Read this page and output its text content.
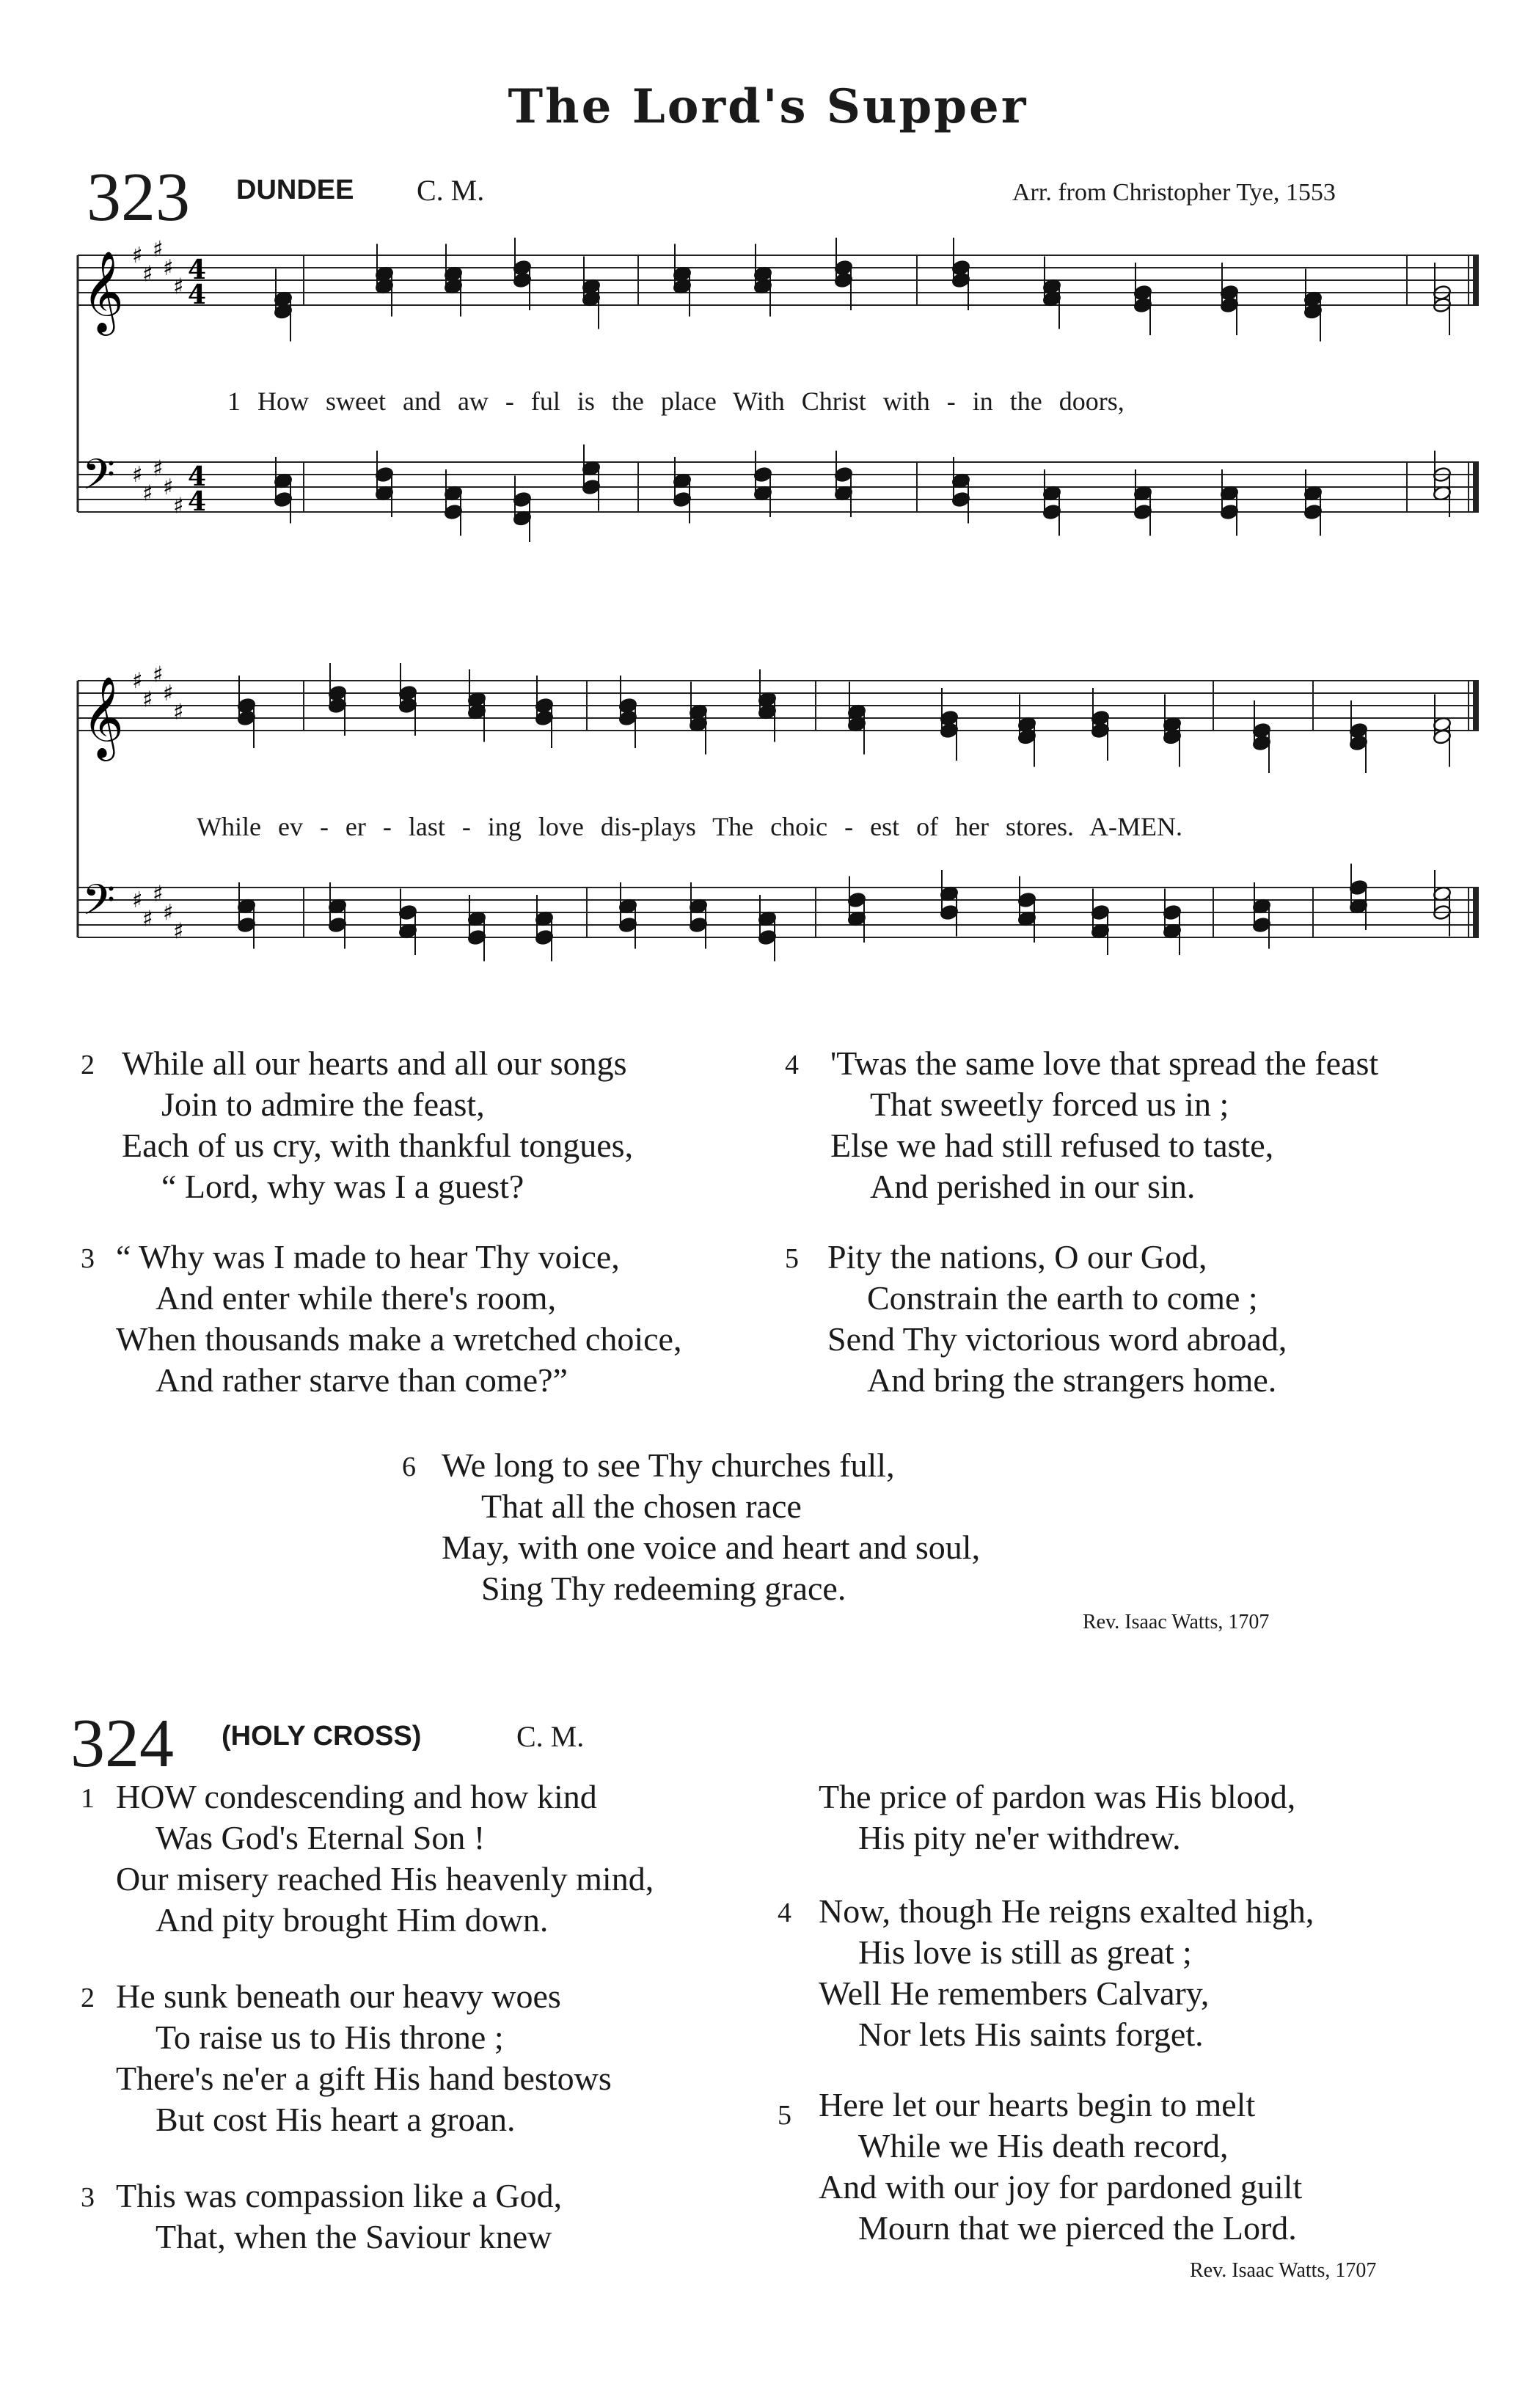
The Lord's Supper
323 DUNDEE C. M.	Arr. from Christopher Tye, 1553
𝄞
𝄢
♯
♯
♯
♯
♯
♯
♯
♯
♯
♯
4
4
4
4
1 How sweet and aw - ful is the place With Christ with - in the doors,
𝄞
𝄢
♯
♯
♯
♯
♯
♯
♯
♯
♯
♯
While ev - er - last - ing love dis-plays The choic - est of her stores. A-MEN.
2 While all our hearts and all our songs
Join to admire the feast,
Each of us cry, with thankful tongues,
“ Lord, why was I a guest?
3 “ Why was I made to hear Thy voice,
And enter while there's room,
When thousands make a wretched choice,
And rather starve than come?”
4 'Twas the same love that spread the feast
That sweetly forced us in ;
Else we had still refused to taste,
And perished in our sin.
5 Pity the nations, O our God,
Constrain the earth to come ;
Send Thy victorious word abroad,
And bring the strangers home.
6 We long to see Thy churches full,
That all the chosen race
May, with one voice and heart and soul,
Sing Thy redeeming grace.
Rev. Isaac Watts, 1707
324 (HOLY CROSS)	C. M.
1 HOW condescending and how kind
Was God's Eternal Son !
Our misery reached His heavenly mind,
And pity brought Him down.
2 He sunk beneath our heavy woes
To raise us to His throne ;
There's ne'er a gift His hand bestows
But cost His heart a groan.
3 This was compassion like a God,
That, when the Saviour knew
The price of pardon was His blood,
His pity ne'er withdrew.
4 Now, though He reigns exalted high,
His love is still as great ;
Well He remembers Calvary,
Nor lets His saints forget.
5 Here let our hearts begin to melt
While we His death record,
And with our joy for pardoned guilt
Mourn that we pierced the Lord.
Rev. Isaac Watts, 1707
